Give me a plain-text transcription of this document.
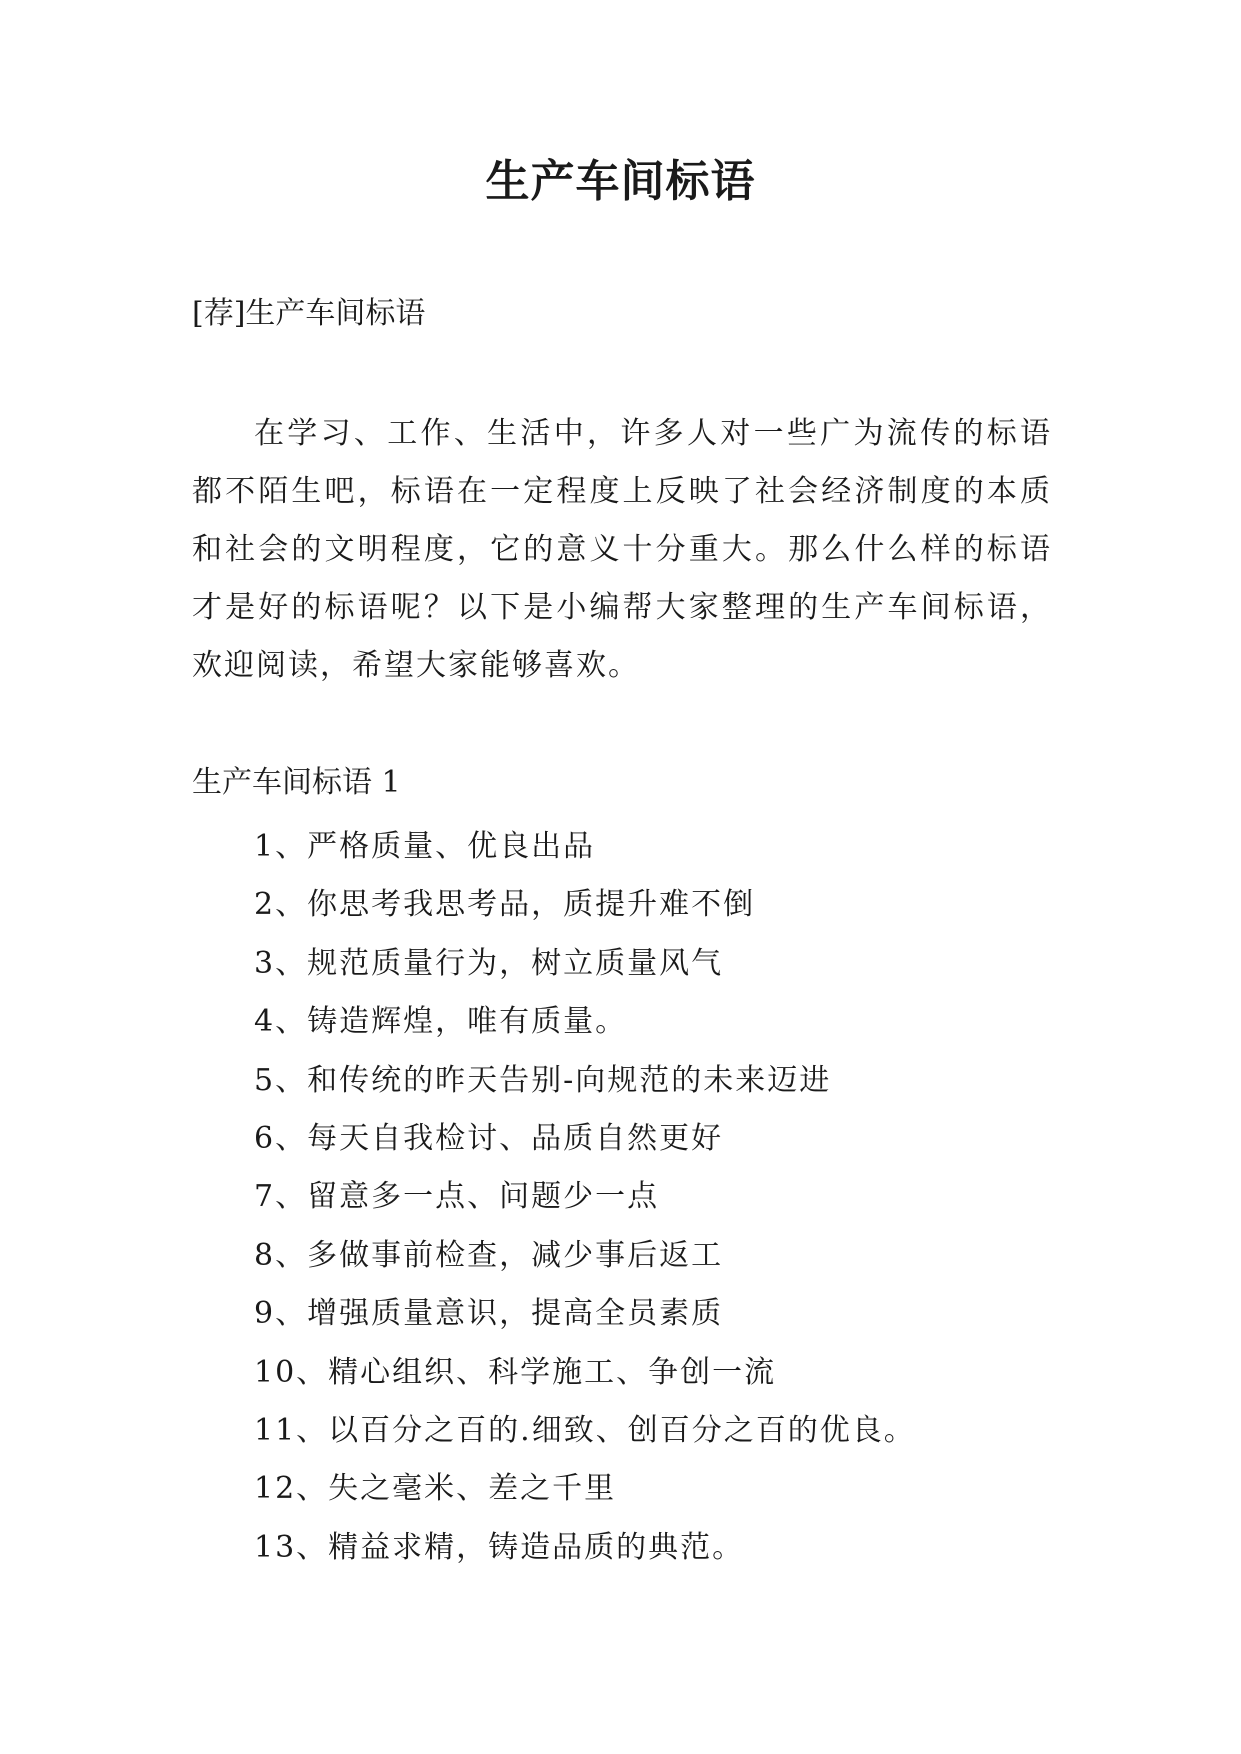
生产车间标语

[荐]生产车间标语

在学习、工作、生活中，许多人对一些广为流传的标语都不陌生吧，标语在一定程度上反映了社会经济制度的本质和社会的文明程度，它的意义十分重大。那么什么样的标语才是好的标语呢？以下是小编帮大家整理的生产车间标语，欢迎阅读，希望大家能够喜欢。

生产车间标语 1

1、严格质量、优良出品
2、你思考我思考品，质提升难不倒
3、规范质量行为，树立质量风气
4、铸造辉煌，唯有质量。
5、和传统的昨天告别-向规范的未来迈进
6、每天自我检讨、品质自然更好
7、留意多一点、问题少一点
8、多做事前检查，减少事后返工
9、增强质量意识，提高全员素质
10、精心组织、科学施工、争创一流
11、以百分之百的.细致、创百分之百的优良。
12、失之毫米、差之千里
13、精益求精，铸造品质的典范。
